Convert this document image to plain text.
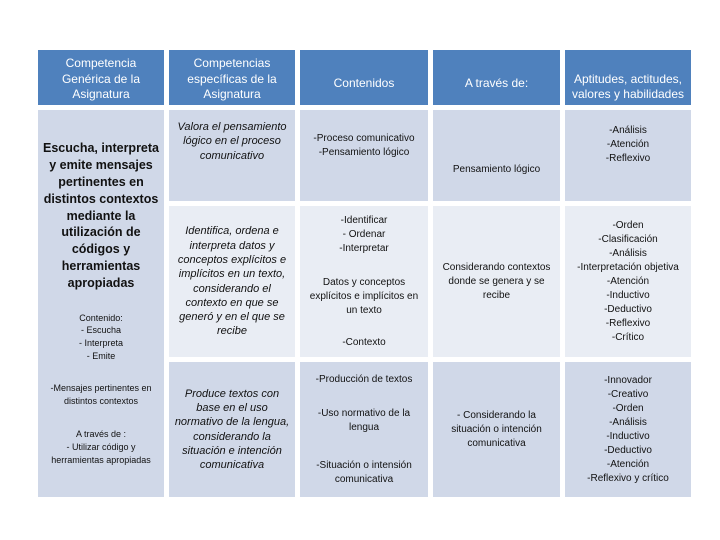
Competencia Genérica de la Asignatura
Competencias específicas de la Asignatura
Contenidos	A través de:	Aptitudes, actitudes, valores y habilidades
Escucha, interpreta y emite mensajes pertinentes en distintos contextos mediante la utilización de códigos y herramientas apropiadas
Contenido:
- Escucha
- Interpreta
- Emite
-Mensajes pertinentes en distintos contextos
A través de :
- Utilizar código y herramientas apropiadas
Valora el pensamiento lógico en el proceso comunicativo
-Proceso comunicativo
-Pensamiento lógico
Pensamiento lógico
-Análisis
-Atención
-Reflexivo
Identifica, ordena e interpreta datos y conceptos explícitos e implícitos en un texto, considerando el contexto en que se generó y en el que se recibe
-Identificar
- Ordenar
-Interpretar
Datos y conceptos explícitos e implícitos en un texto
-Contexto
Considerando contextos donde se genera y se recibe
-Orden
-Clasificación
-Análisis
-Interpretación objetiva
-Atención
-Inductivo
-Deductivo
-Reflexivo
-Crítico
Produce textos con base en el uso normativo de la lengua, considerando la situación e intención comunicativa
-Producción de textos
-Uso normativo de la lengua
-Situación o intensión comunicativa
- Considerando la situación o intención comunicativa
-Innovador
-Creativo
-Orden
-Análisis
-Inductivo
-Deductivo
-Atención
-Reflexivo y crítico
